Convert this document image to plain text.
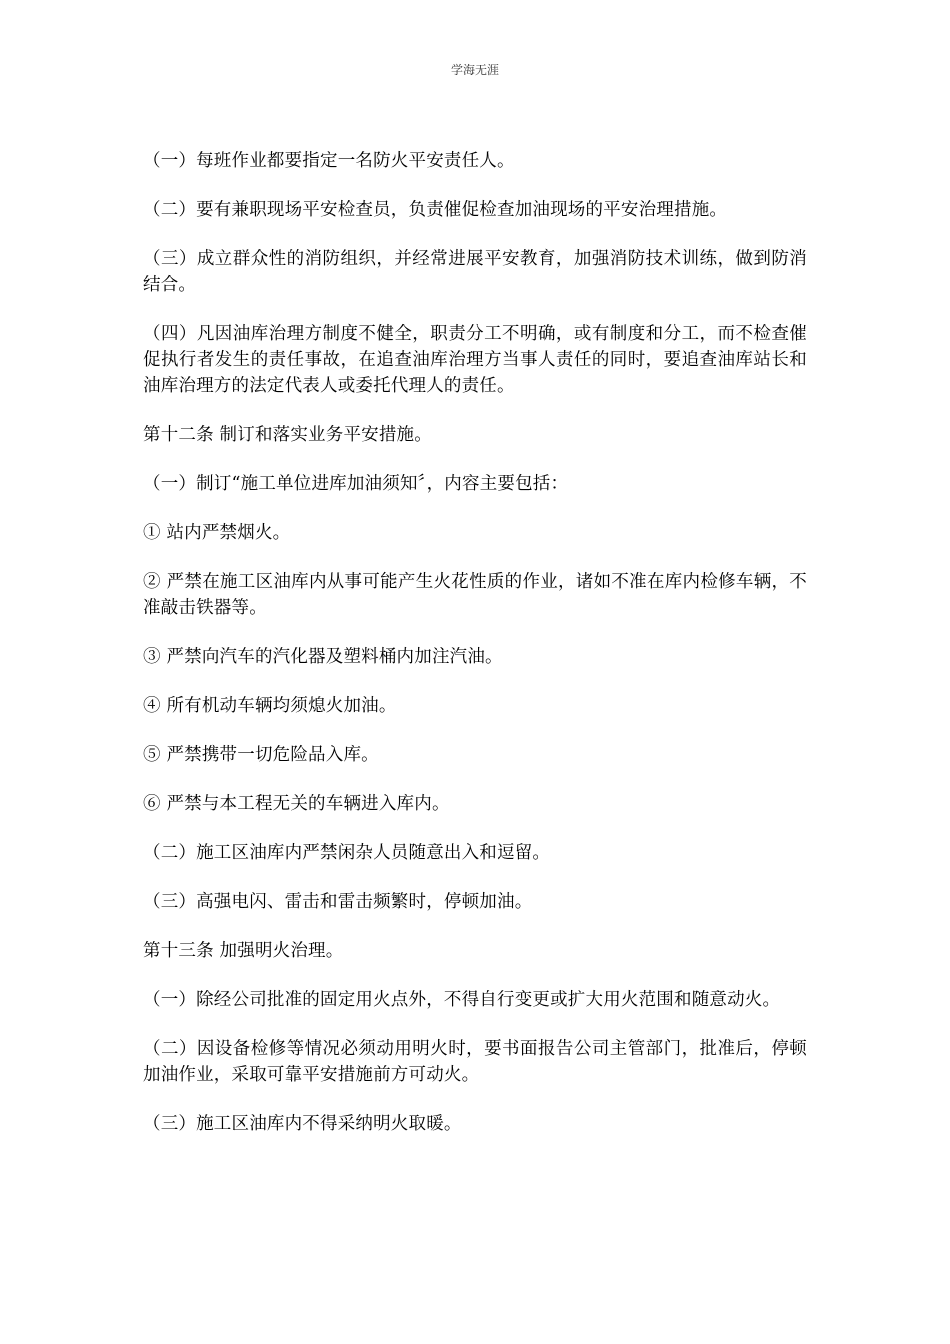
学海无涯

（一）每班作业都要指定一名防火平安责任人。

（二）要有兼职现场平安检查员，负责催促检查加油现场的平安治理措施。

（三）成立群众性的消防组织，并经常进展平安教育，加强消防技术训练，做到防消结合。

（四）凡因油库治理方制度不健全，职责分工不明确，或有制度和分工，而不检查催促执行者发生的责任事故，在追查油库治理方当事人责任的同时，要追查油库站长和油库治理方的法定代表人或委托代理人的责任。

第十二条 制订和落实业务平安措施。

（一）制订“施工单位进库加油须知〞，内容主要包括：

① 站内严禁烟火。

② 严禁在施工区油库内从事可能产生火花性质的作业，诸如不准在库内检修车辆，不准敲击铁器等。

③ 严禁向汽车的汽化器及塑料桶内加注汽油。

④ 所有机动车辆均须熄火加油。

⑤ 严禁携带一切危险品入库。

⑥ 严禁与本工程无关的车辆进入库内。

（二）施工区油库内严禁闲杂人员随意出入和逗留。

（三）高强电闪、雷击和雷击频繁时，停顿加油。

第十三条 加强明火治理。

（一）除经公司批准的固定用火点外，不得自行变更或扩大用火范围和随意动火。

（二）因设备检修等情况必须动用明火时，要书面报告公司主管部门，批准后，停顿加油作业，采取可靠平安措施前方可动火。

（三）施工区油库内不得采纳明火取暖。
